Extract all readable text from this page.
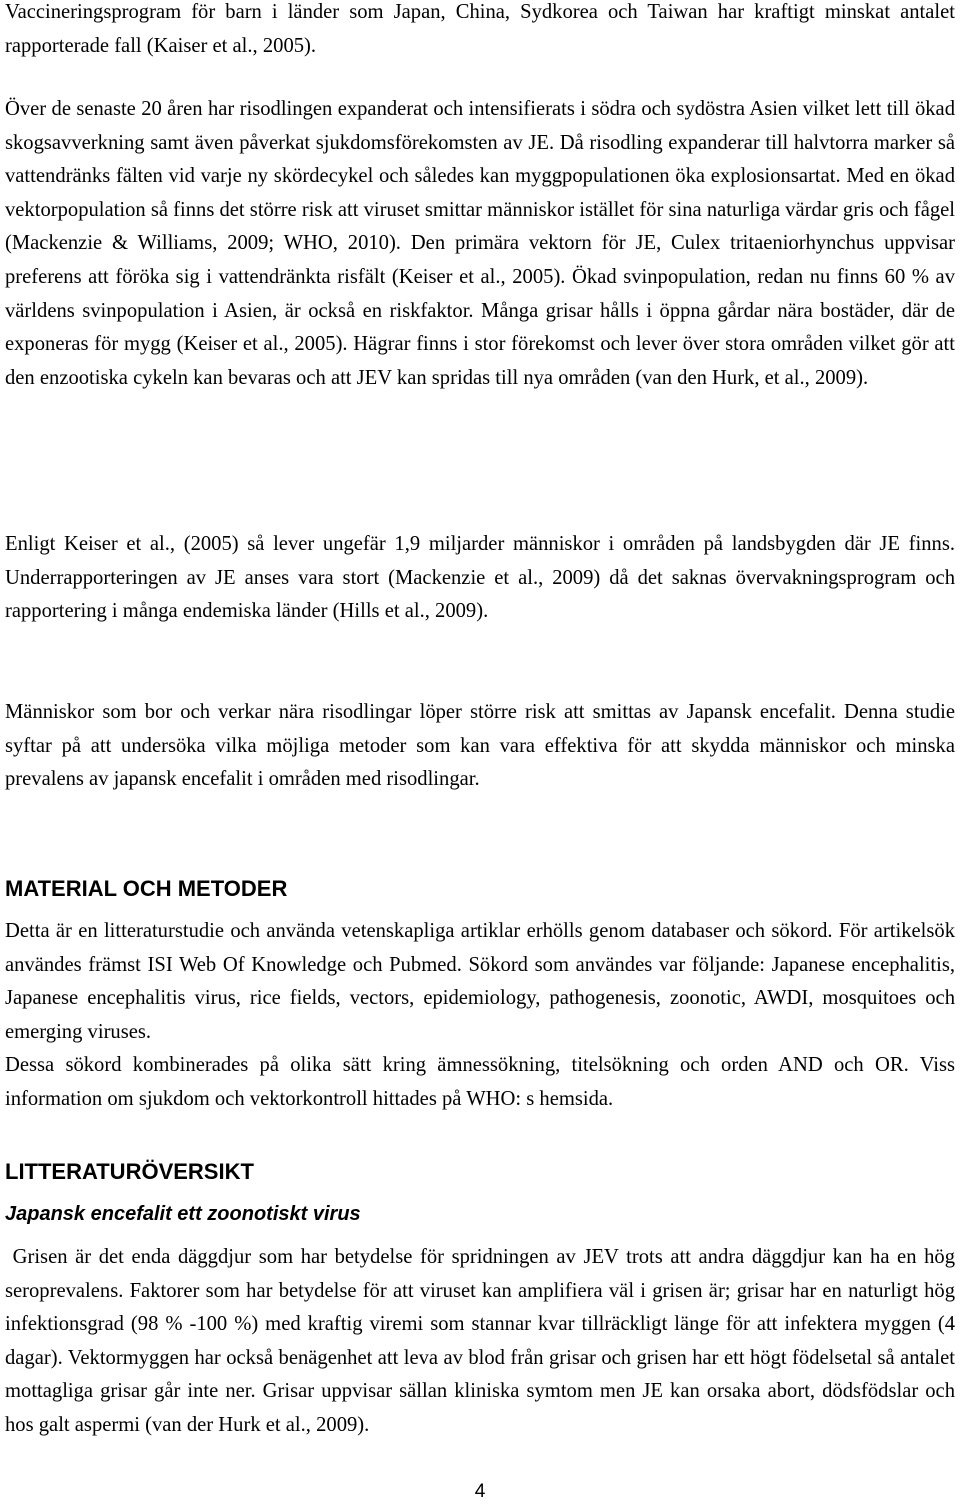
Vaccineringsprogram för barn i länder som Japan, China, Sydkorea och Taiwan har kraftigt minskat antalet rapporterade fall (Kaiser et al., 2005).

Över de senaste 20 åren har risodlingen expanderat och intensifierats i södra och sydöstra Asien vilket lett till ökad skogsavverkning samt även påverkat sjukdomsförekomsten av JE. Då risodling expanderar till halvtorra marker så vattendränks fälten vid varje ny skördecykel och således kan myggpopulationen öka explosionsartat. Med en ökad vektorpopulation så finns det större risk att viruset smittar människor istället för sina naturliga värdar gris och fågel (Mackenzie & Williams, 2009; WHO, 2010). Den primära vektorn för JE, Culex tritaeniorhynchus uppvisar preferens att föröka sig i vattendränkta risfält (Keiser et al., 2005). Ökad svinpopulation, redan nu finns 60 % av världens svinpopulation i Asien, är också en riskfaktor. Många grisar hålls i öppna gårdar nära bostäder, där de exponeras för mygg (Keiser et al., 2005). Hägrar finns i stor förekomst och lever över stora områden vilket gör att den enzootiska cykeln kan bevaras och att JEV kan spridas till nya områden (van den Hurk, et al., 2009).

Enligt Keiser et al., (2005) så lever ungefär 1,9 miljarder människor i områden på landsbygden där JE finns. Underrapporteringen av JE anses vara stort (Mackenzie et al., 2009) då det saknas övervakningsprogram och rapportering i många endemiska länder (Hills et al., 2009).

Människor som bor och verkar nära risodlingar löper större risk att smittas av Japansk encefalit. Denna studie syftar på att undersöka vilka möjliga metoder som kan vara effektiva för att skydda människor och minska prevalens av japansk encefalit i områden med risodlingar.

MATERIAL OCH METODER

Detta är en litteraturstudie och använda vetenskapliga artiklar erhölls genom databaser och sökord. För artikelsök användes främst ISI Web Of Knowledge och Pubmed. Sökord som användes var följande: Japanese encephalitis, Japanese encephalitis virus, rice fields, vectors, epidemiology, pathogenesis, zoonotic, AWDI, mosquitoes och emerging viruses.

Dessa sökord kombinerades på olika sätt kring ämnessökning, titelsökning och orden AND och OR. Viss information om sjukdom och vektorkontroll hittades på WHO: s hemsida.

LITTERATURÖVERSIKT
Japansk encefalit ett zoonotiskt virus

Grisen är det enda däggdjur som har betydelse för spridningen av JEV trots att andra däggdjur kan ha en hög seroprevalens. Faktorer som har betydelse för att viruset kan amplifiera väl i grisen är; grisar har en naturligt hög infektionsgrad (98 % -100 %) med kraftig viremi som stannar kvar tillräckligt länge för att infektera myggen (4 dagar). Vektormyggen har också benägenhet att leva av blod från grisar och grisen har ett högt födelsetal så antalet mottagliga grisar går inte ner. Grisar uppvisar sällan kliniska symtom men JE kan orsaka abort, dödsfödslar och hos galt aspermi (van der Hurk et al., 2009).

4
